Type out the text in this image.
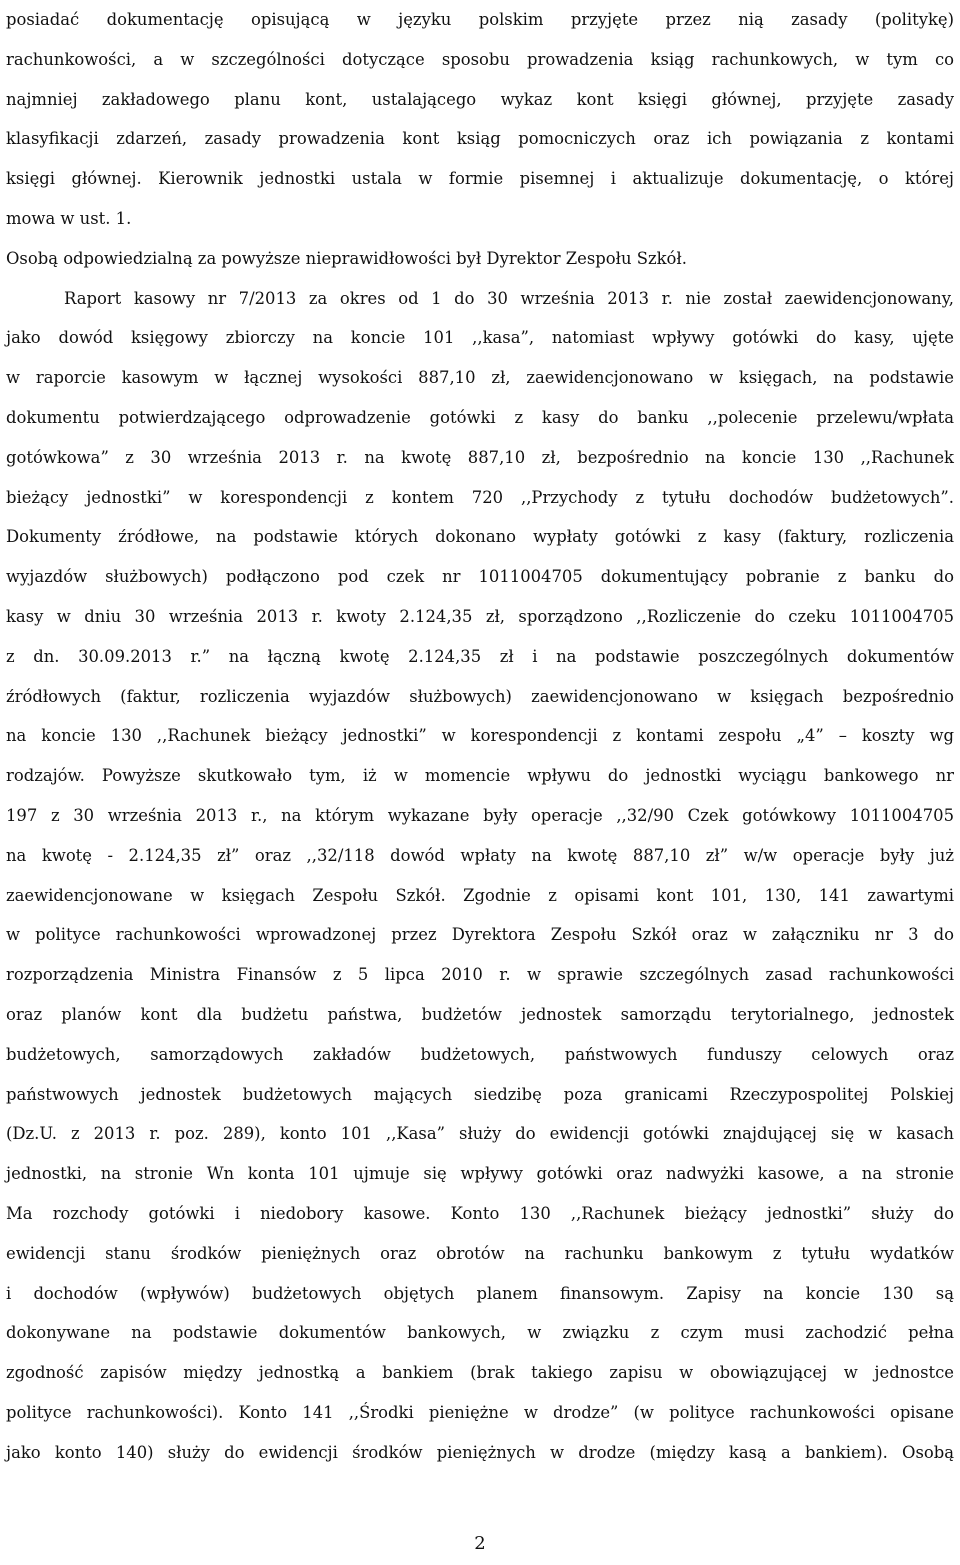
posiadać dokumentację opisującą w języku polskim przyjęte przez nią zasady (politykę)
rachunkowości, a w szczególności dotyczące sposobu prowadzenia ksiąg rachunkowych, w tym co
najmniej zakładowego planu kont, ustalającego wykaz kont księgi głównej, przyjęte zasady
klasyfikacji zdarzeń, zasady prowadzenia kont ksiąg pomocniczych oraz ich powiązania z kontami
księgi głównej. Kierownik jednostki ustala w formie pisemnej i aktualizuje dokumentację, o której
mowa w ust. 1.
Osobą odpowiedzialną za powyższe nieprawidłowości był Dyrektor Zespołu Szkół.
Raport kasowy nr 7/2013 za okres od 1 do 30 września 2013 r. nie został zaewidencjonowany,
jako dowód księgowy zbiorczy na koncie 101 ,,kasa”, natomiast wpływy gotówki do kasy, ujęte
w raporcie kasowym w łącznej wysokości 887,10 zł, zaewidencjonowano w księgach, na podstawie
dokumentu potwierdzającego odprowadzenie gotówki z kasy do banku ,,polecenie przelewu/wpłata
gotówkowa” z 30 września 2013 r. na kwotę 887,10 zł, bezpośrednio na koncie 130 ,,Rachunek
bieżący jednostki” w korespondencji z kontem 720 ,,Przychody z tytułu dochodów budżetowych”.
Dokumenty źródłowe, na podstawie których dokonano wypłaty gotówki z kasy (faktury, rozliczenia
wyjazdów służbowych) podłączono pod czek nr 1011004705 dokumentujący pobranie z banku do
kasy w dniu 30 września 2013 r. kwoty 2.124,35 zł, sporządzono ,,Rozliczenie do czeku 1011004705
z dn. 30.09.2013 r.” na łączną kwotę 2.124,35 zł i na podstawie poszczególnych dokumentów
źródłowych (faktur, rozliczenia wyjazdów służbowych) zaewidencjonowano w księgach bezpośrednio
na koncie 130 ,,Rachunek bieżący jednostki” w korespondencji z kontami zespołu „4” – koszty wg
rodzajów. Powyższe skutkowało tym, iż w momencie wpływu do jednostki wyciągu bankowego nr
197 z 30 września 2013 r., na którym wykazane były operacje ,,32/90 Czek gotówkowy 1011004705
na kwotę - 2.124,35 zł” oraz ,,32/118 dowód wpłaty na kwotę 887,10 zł” w/w operacje były już
zaewidencjonowane w księgach Zespołu Szkół. Zgodnie z opisami kont 101, 130, 141 zawartymi
w polityce rachunkowości wprowadzonej przez Dyrektora Zespołu Szkół oraz w załączniku nr 3 do
rozporządzenia Ministra Finansów z 5 lipca 2010 r. w sprawie szczególnych zasad rachunkowości
oraz planów kont dla budżetu państwa, budżetów jednostek samorządu terytorialnego, jednostek
budżetowych, samorządowych zakładów budżetowych, państwowych funduszy celowych oraz
państwowych jednostek budżetowych mających siedzibę poza granicami Rzeczypospolitej Polskiej
(Dz.U. z 2013 r. poz. 289), konto 101 ,,Kasa” służy do ewidencji gotówki znajdującej się w kasach
jednostki, na stronie Wn konta 101 ujmuje się wpływy gotówki oraz nadwyżki kasowe, a na stronie
Ma rozchody gotówki i niedobory kasowe. Konto 130 ,,Rachunek bieżący jednostki” służy do
ewidencji stanu środków pieniężnych oraz obrotów na rachunku bankowym z tytułu wydatków
i dochodów (wpływów) budżetowych objętych planem finansowym. Zapisy na koncie 130 są
dokonywane na podstawie dokumentów bankowych, w związku z czym musi zachodzić pełna
zgodność zapisów między jednostką a bankiem (brak takiego zapisu w obowiązującej w jednostce
polityce rachunkowości). Konto 141 ,,Środki pieniężne w drodze” (w polityce rachunkowości opisane
jako konto 140) służy do ewidencji środków pieniężnych w drodze (między kasą a bankiem). Osobą
2
